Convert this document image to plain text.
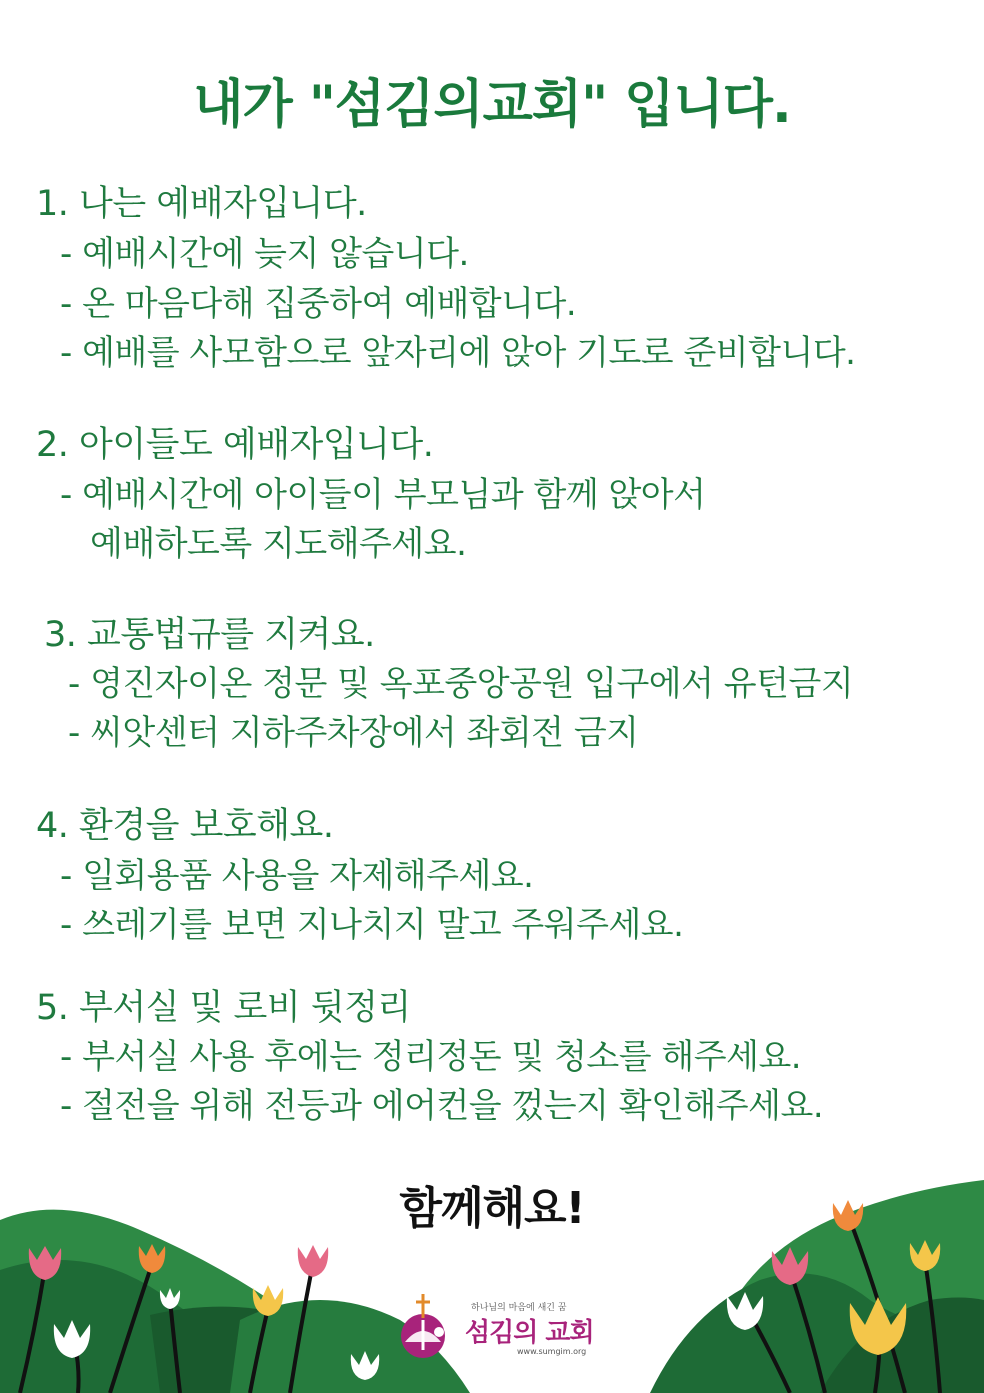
내가 "섬김의교회" 입니다.
1. 나는 예배자입니다.
- 예배시간에 늦지 않습니다.
- 온 마음다해 집중하여 예배합니다.
- 예배를 사모함으로 앞자리에 앉아 기도로 준비합니다.
2. 아이들도 예배자입니다.
- 예배시간에 아이들이 부모님과 함께 앉아서
예배하도록 지도해주세요.
3. 교통법규를 지켜요.
- 영진자이온 정문 및 옥포중앙공원 입구에서 유턴금지
- 씨앗센터 지하주차장에서 좌회전 금지
4. 환경을 보호해요.
- 일회용품 사용을 자제해주세요.
- 쓰레기를 보면 지나치지 말고 주워주세요.
5. 부서실 및 로비 뒷정리
- 부서실 사용 후에는 정리정돈 및 청소를 해주세요.
- 절전을 위해 전등과 에어컨을 껐는지 확인해주세요.
하나님의 마음에 새긴 꿈
섬김의 교회
www.sumgim.org
함께해요!
